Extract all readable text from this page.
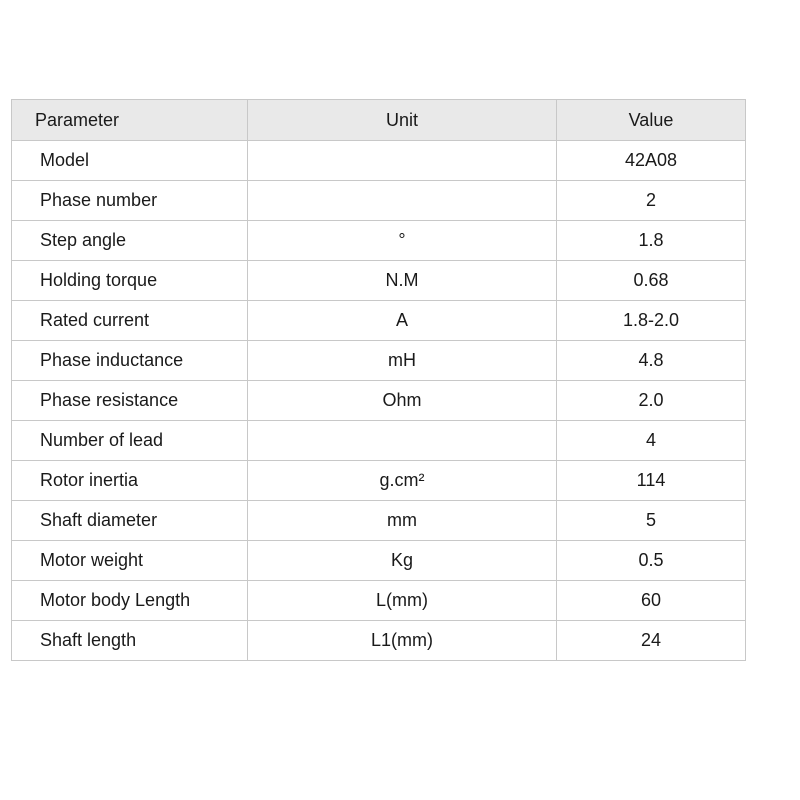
Parameter	Unit	Value
Model		42A08
Phase number		2
Step angle	°	1.8
Holding torque	N.M	0.68
Rated current	A	1.8-2.0
Phase inductance	mH	4.8
Phase resistance	Ohm	2.0
Number of lead		4
Rotor inertia	g.cm²	114
Shaft diameter	mm	5
Motor weight	Kg	0.5
Motor body Length	L(mm)	60
Shaft length	L1(mm)	24
